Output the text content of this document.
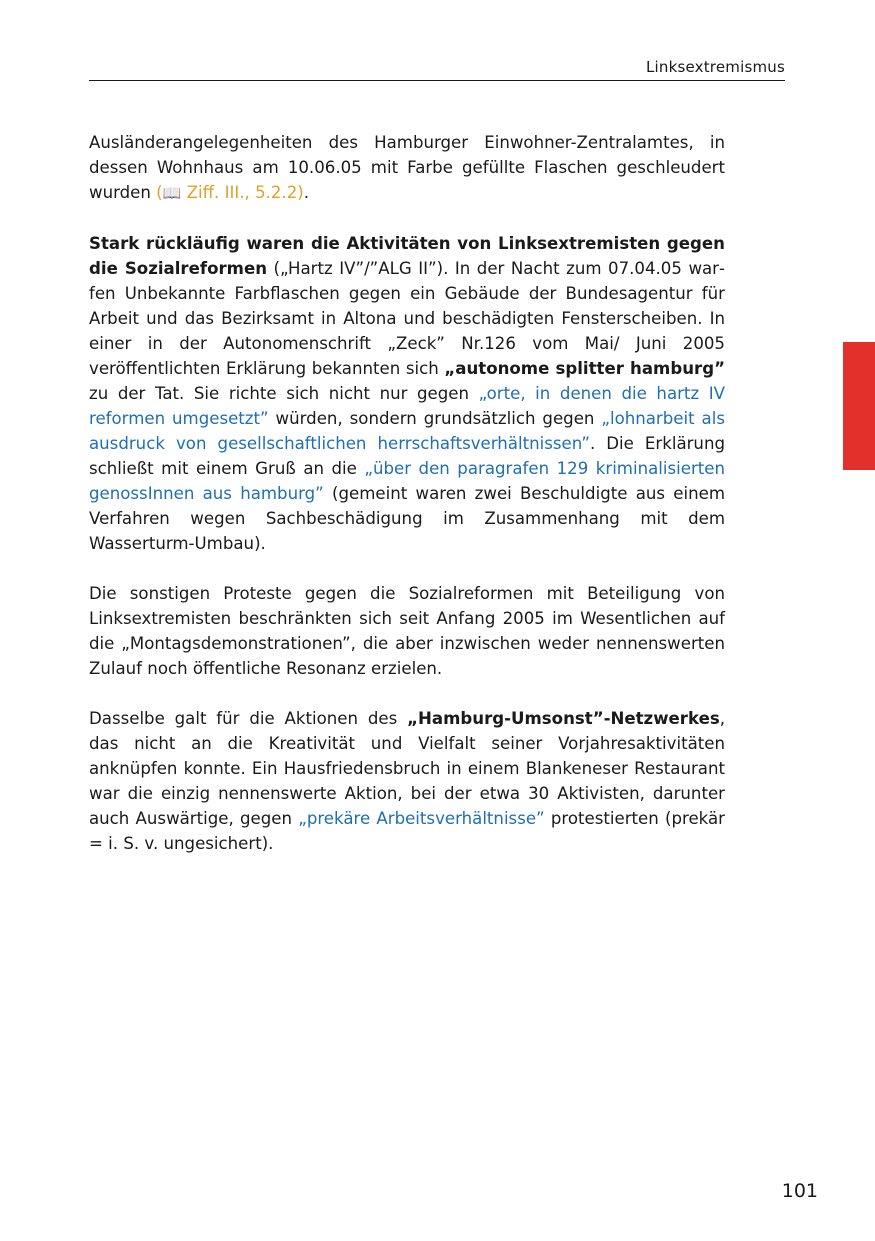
Linksextremismus

Ausländerangelegenheiten des Hamburger Einwohner-Zentralamtes, in dessen Wohnhaus am 10.06.05 mit Farbe gefüllte Flaschen geschleudert wurden (📖 Ziff. III., 5.2.2).

Stark rückläufig waren die Aktivitäten von Linksextremisten gegen die Sozialreformen („Hartz IV”/”ALG II”). In der Nacht zum 07.04.05 warfen Unbekannte Farbflaschen gegen ein Gebäude der Bundesagentur für Arbeit und das Bezirksamt in Altona und beschädigten Fensterscheiben. In einer in der Autonomenschrift „Zeck” Nr.126 vom Mai/ Juni 2005 veröffentlichten Erklärung bekannten sich „autonome splitter hamburg” zu der Tat. Sie richte sich nicht nur gegen „orte, in denen die hartz IV reformen umgesetzt” würden, sondern grundsätzlich gegen „lohnarbeit als ausdruck von gesellschaftlichen herrschaftsverhältnissen”. Die Erklärung schließt mit einem Gruß an die „über den paragrafen 129 kriminalisierten genossInnen aus hamburg” (gemeint waren zwei Beschuldigte aus einem Verfahren wegen Sachbeschädigung im Zusammenhang mit dem Wasserturm-Umbau).

Die sonstigen Proteste gegen die Sozialreformen mit Beteiligung von Linksextremisten beschränkten sich seit Anfang 2005 im Wesentlichen auf die „Montagsdemonstrationen”, die aber inzwischen weder nennenswerten Zulauf noch öffentliche Resonanz erzielen.

Dasselbe galt für die Aktionen des „Hamburg-Umsonst”-Netzwerkes, das nicht an die Kreativität und Vielfalt seiner Vorjahresaktivitäten anknüpfen konnte. Ein Hausfriedensbruch in einem Blankeneser Restaurant war die einzig nennenswerte Aktion, bei der etwa 30 Aktivisten, darunter auch Auswärtige, gegen „prekäre Arbeitsverhältnisse” protestierten (prekär = i. S. v. ungesichert).

101
